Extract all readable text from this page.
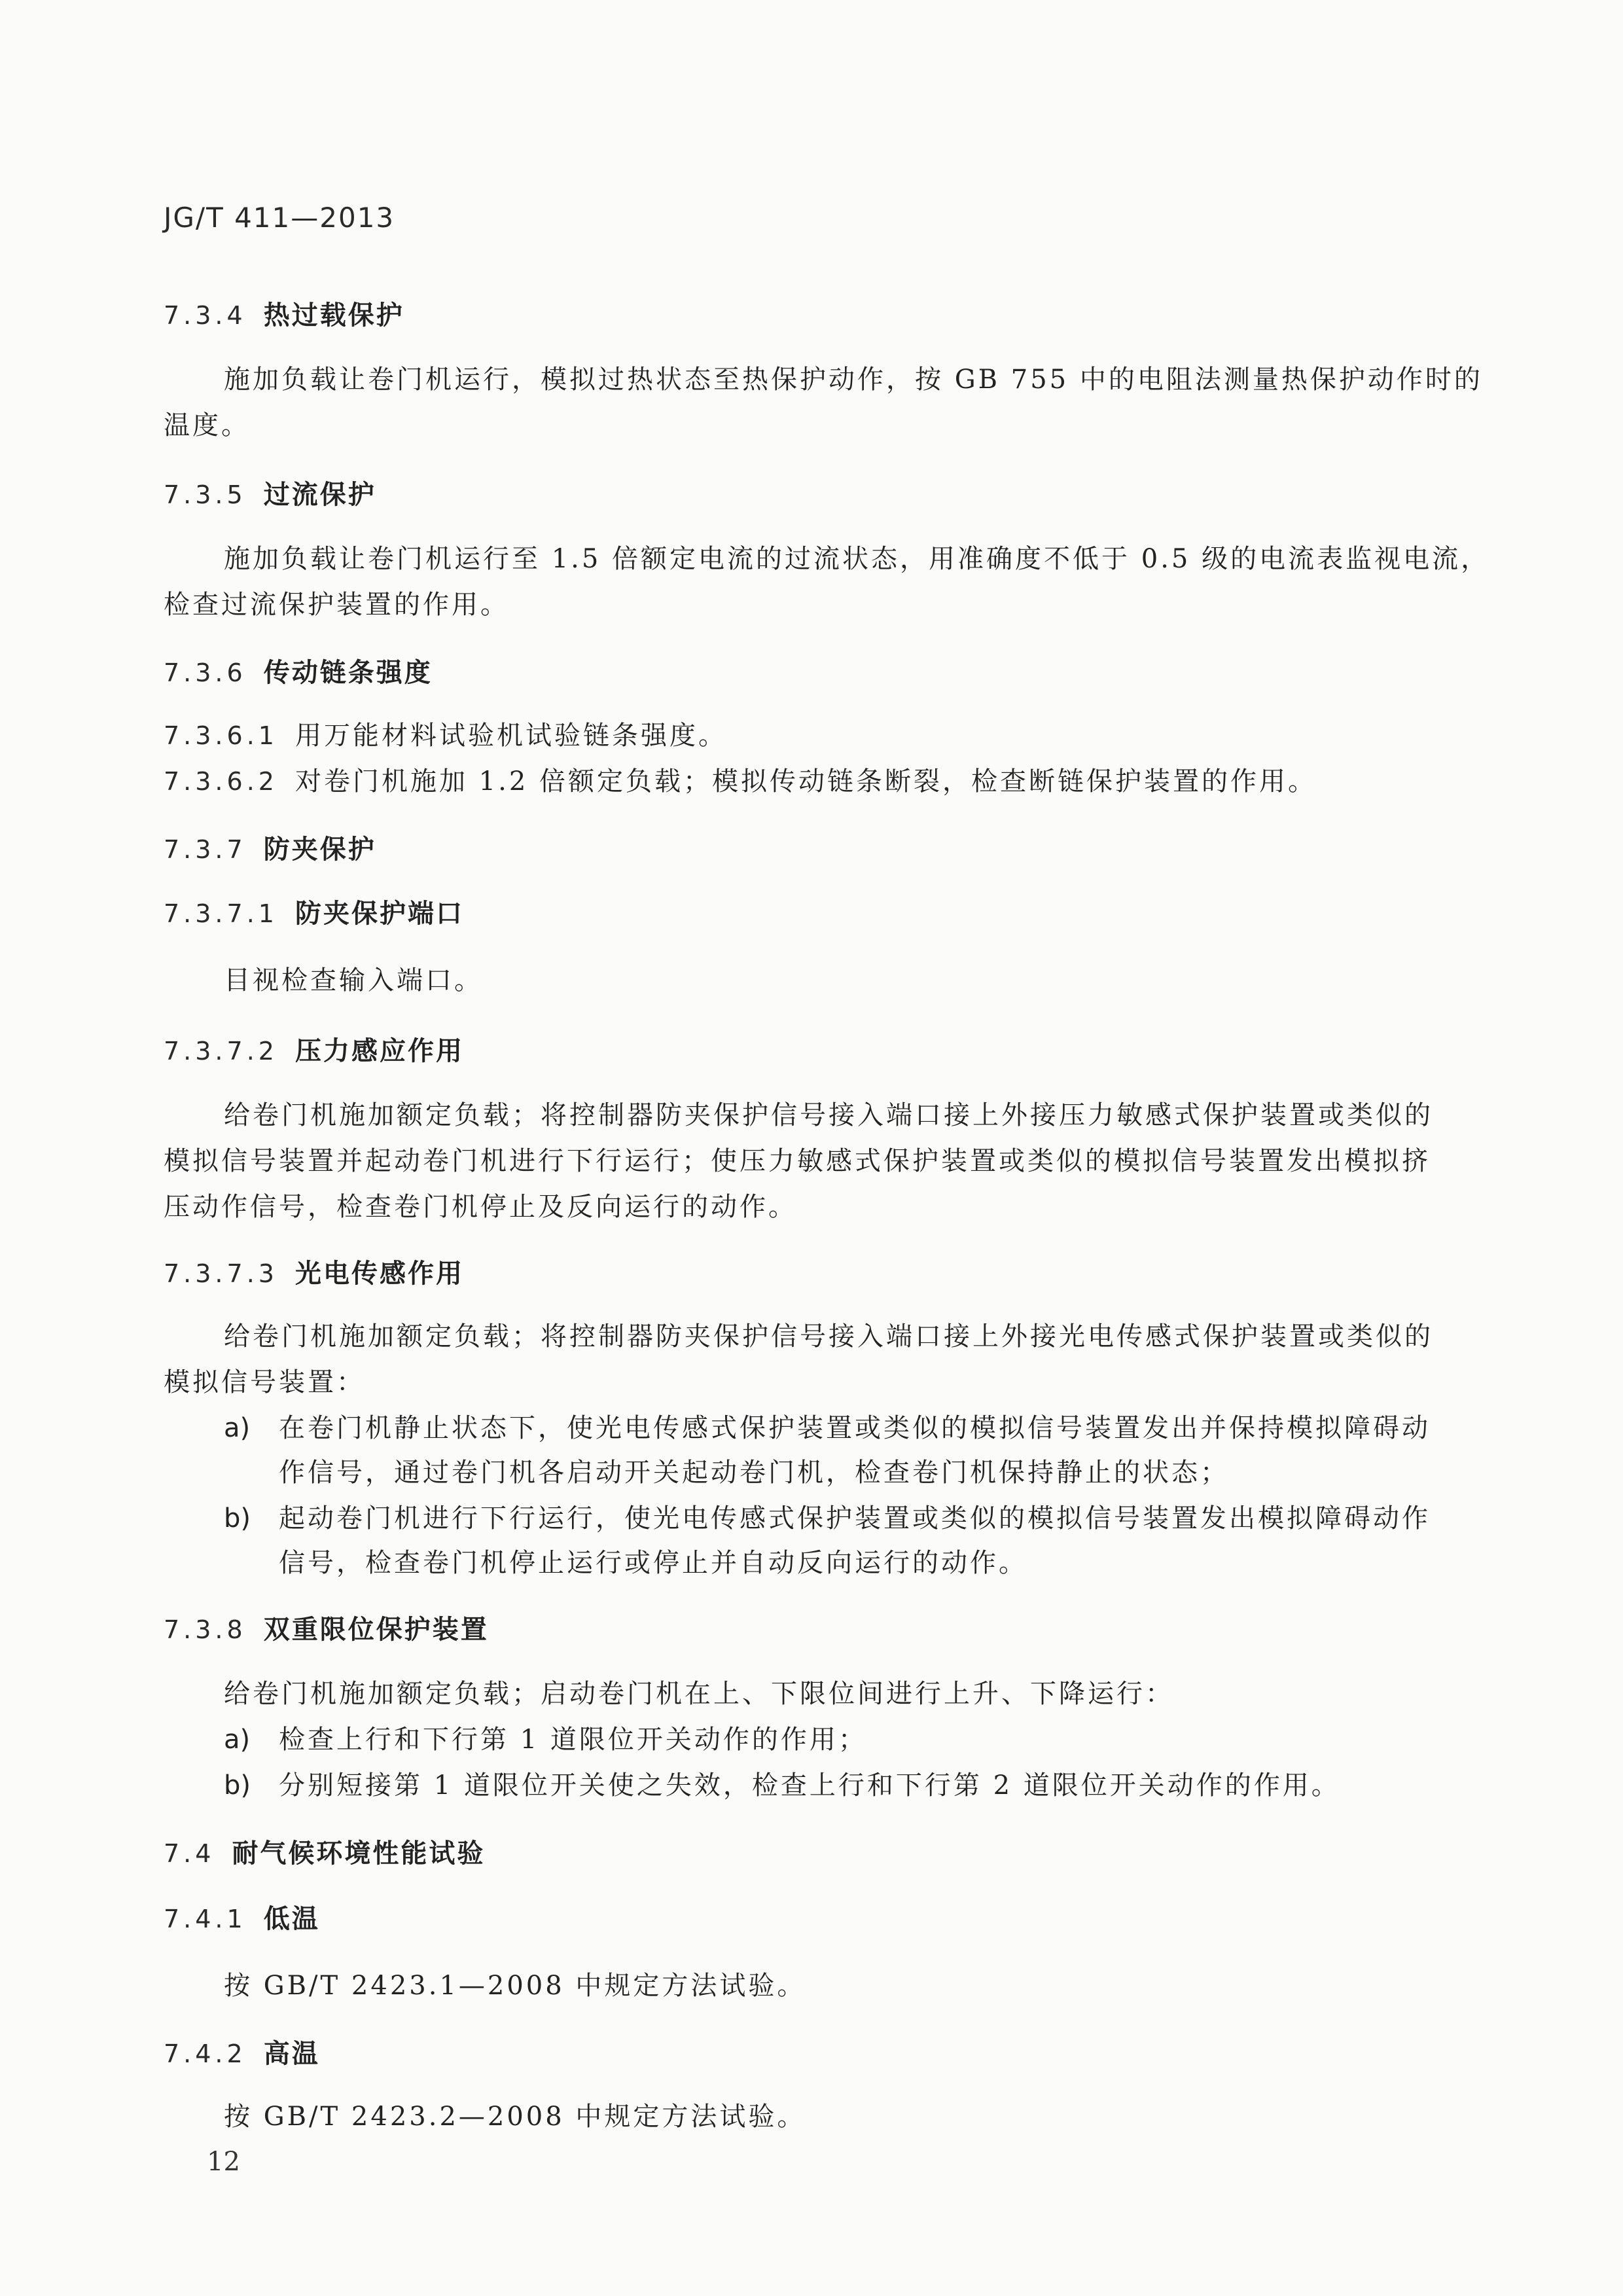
JG/T 411—2013
7.3.4 热过载保护
施加负载让卷门机运行，模拟过热状态至热保护动作，按 GB 755 中的电阻法测量热保护动作时的
温度。
7.3.5 过流保护
施加负载让卷门机运行至 1.5 倍额定电流的过流状态，用准确度不低于 0.5 级的电流表监视电流，
检查过流保护装置的作用。
7.3.6 传动链条强度
7.3.6.1 用万能材料试验机试验链条强度。
7.3.6.2 对卷门机施加 1.2 倍额定负载；模拟传动链条断裂，检查断链保护装置的作用。
7.3.7 防夹保护
7.3.7.1 防夹保护端口
目视检查输入端口。
7.3.7.2 压力感应作用
给卷门机施加额定负载；将控制器防夹保护信号接入端口接上外接压力敏感式保护装置或类似的
模拟信号装置并起动卷门机进行下行运行；使压力敏感式保护装置或类似的模拟信号装置发出模拟挤
压动作信号，检查卷门机停止及反向运行的动作。
7.3.7.3 光电传感作用
给卷门机施加额定负载；将控制器防夹保护信号接入端口接上外接光电传感式保护装置或类似的
模拟信号装置：
a) 在卷门机静止状态下，使光电传感式保护装置或类似的模拟信号装置发出并保持模拟障碍动
作信号，通过卷门机各启动开关起动卷门机，检查卷门机保持静止的状态；
b) 起动卷门机进行下行运行，使光电传感式保护装置或类似的模拟信号装置发出模拟障碍动作
信号，检查卷门机停止运行或停止并自动反向运行的动作。
7.3.8 双重限位保护装置
给卷门机施加额定负载；启动卷门机在上、下限位间进行上升、下降运行：
a) 检查上行和下行第 1 道限位开关动作的作用；
b) 分别短接第 1 道限位开关使之失效，检查上行和下行第 2 道限位开关动作的作用。
7.4 耐气候环境性能试验
7.4.1 低温
按 GB/T 2423.1—2008 中规定方法试验。
7.4.2 高温
按 GB/T 2423.2—2008 中规定方法试验。
12
